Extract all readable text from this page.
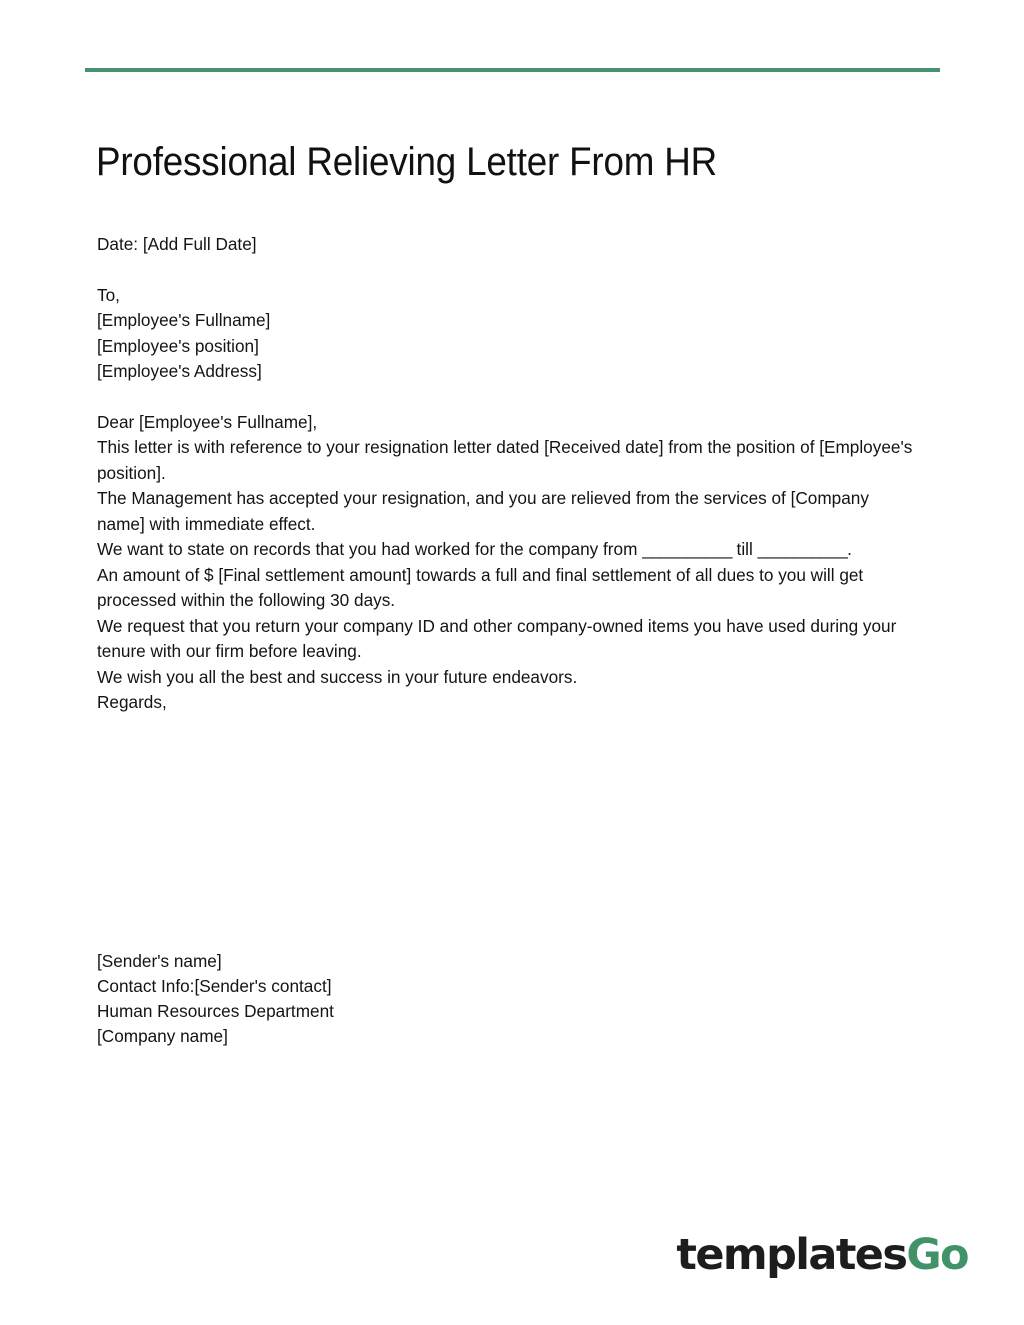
Professional Relieving Letter From HR
Date: [Add Full Date]
To,
[Employee's Fullname]
[Employee's position]
[Employee's Address]

Dear [Employee's Fullname],

This letter is with reference to your resignation letter dated [Received date] from the position of [Employee's position].

The Management has accepted your resignation, and you are relieved from the services of [Company name] with immediate effect.

We want to state on records that you had worked for the company from __________ till __________.

An amount of $ [Final settlement amount] towards a full and final settlement of all dues to you will get processed within the following 30 days.

We request that you return your company ID and other company-owned items you have used during your tenure with our firm before leaving.

We wish you all the best and success in your future endeavors.

Regards,

[Sender's name]
Contact Info:[Sender's contact]
Human Resources Department
[Company name]
templatesGo
